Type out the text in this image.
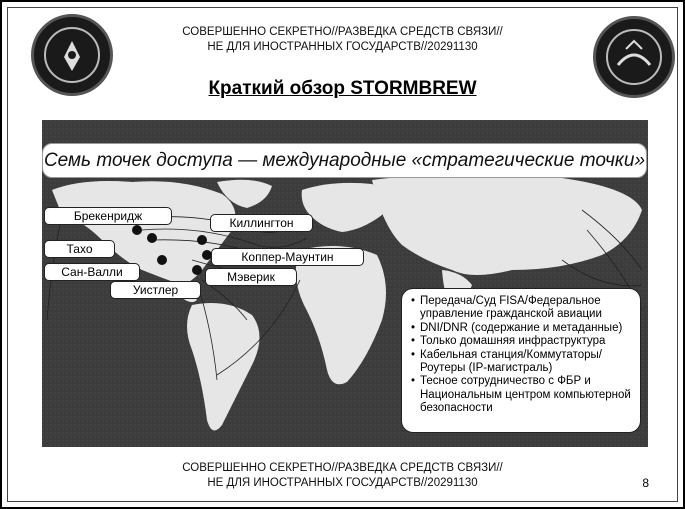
СОВЕРШЕННО СЕКРЕТНО//РАЗВЕДКА СРЕДСТВ СВЯЗИ//
НЕ ДЛЯ ИНОСТРАННЫХ ГОСУДАРСТВ//20291130
Краткий обзор STORMBREW
Семь точек доступа — международные «стратегические точки»
Брекенридж	Киллингтон
Тахо
Коппер-Маунтин
Сан-Валли	Мэверик
Уистлер
• Передача/Суд FISA/Федеральное управление гражданской авиации
• DNI/DNR (содержание и метаданные)
• Только домашняя инфраструктура
• Кабельная станция/Коммутаторы/ Роутеры (IP-магистраль)
• Тесное сотрудничество с ФБР и Национальным центром компьютерной безопасности
СОВЕРШЕННО СЕКРЕТНО//РАЗВЕДКА СРЕДСТВ СВЯЗИ//
НЕ ДЛЯ ИНОСТРАННЫХ ГОСУДАРСТВ//20291130	8
